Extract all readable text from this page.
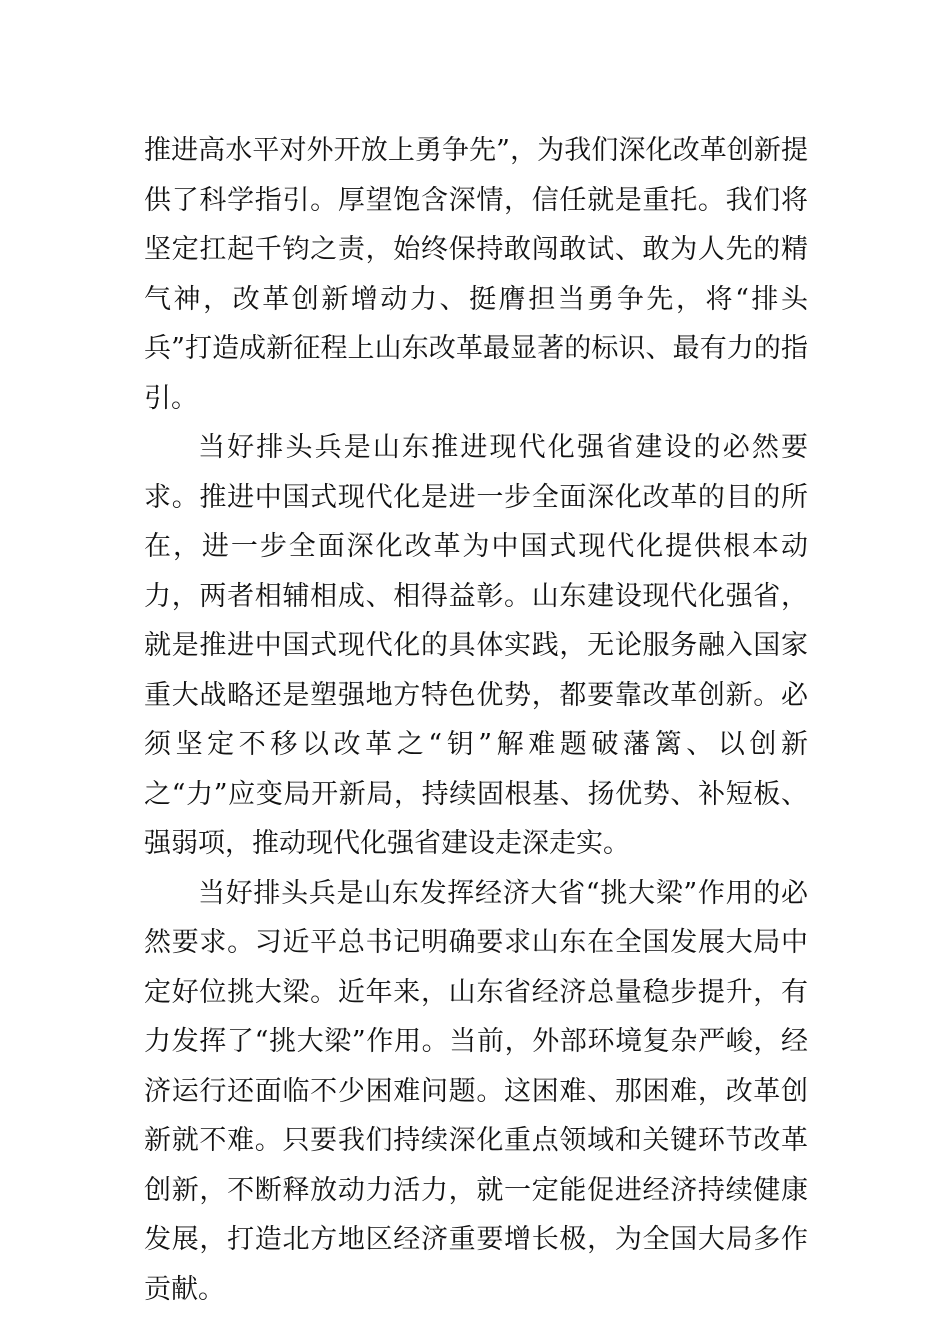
推进高水平对外开放上勇争先”，为我们深化改革创新提供了科学指引。厚望饱含深情，信任就是重托。我们将坚定扛起千钧之责，始终保持敢闯敢试、敢为人先的精气神，改革创新增动力、挺膺担当勇争先，将“排头兵”打造成新征程上山东改革最显著的标识、最有力的指引。

当好排头兵是山东推进现代化强省建设的必然要求。推进中国式现代化是进一步全面深化改革的目的所在，进一步全面深化改革为中国式现代化提供根本动力，两者相辅相成、相得益彰。山东建设现代化强省，就是推进中国式现代化的具体实践，无论服务融入国家重大战略还是塑强地方特色优势，都要靠改革创新。必须坚定不移以改革之“钥”解难题破藩篱、以创新之“力”应变局开新局，持续固根基、扬优势、补短板、强弱项，推动现代化强省建设走深走实。

当好排头兵是山东发挥经济大省“挑大梁”作用的必然要求。习近平总书记明确要求山东在全国发展大局中定好位挑大梁。近年来，山东省经济总量稳步提升，有力发挥了“挑大梁”作用。当前，外部环境复杂严峻，经济运行还面临不少困难问题。这困难、那困难，改革创新就不难。只要我们持续深化重点领域和关键环节改革创新，不断释放动力活力，就一定能促进经济持续健康发展，打造北方地区经济重要增长极，为全国大局多作贡献。
